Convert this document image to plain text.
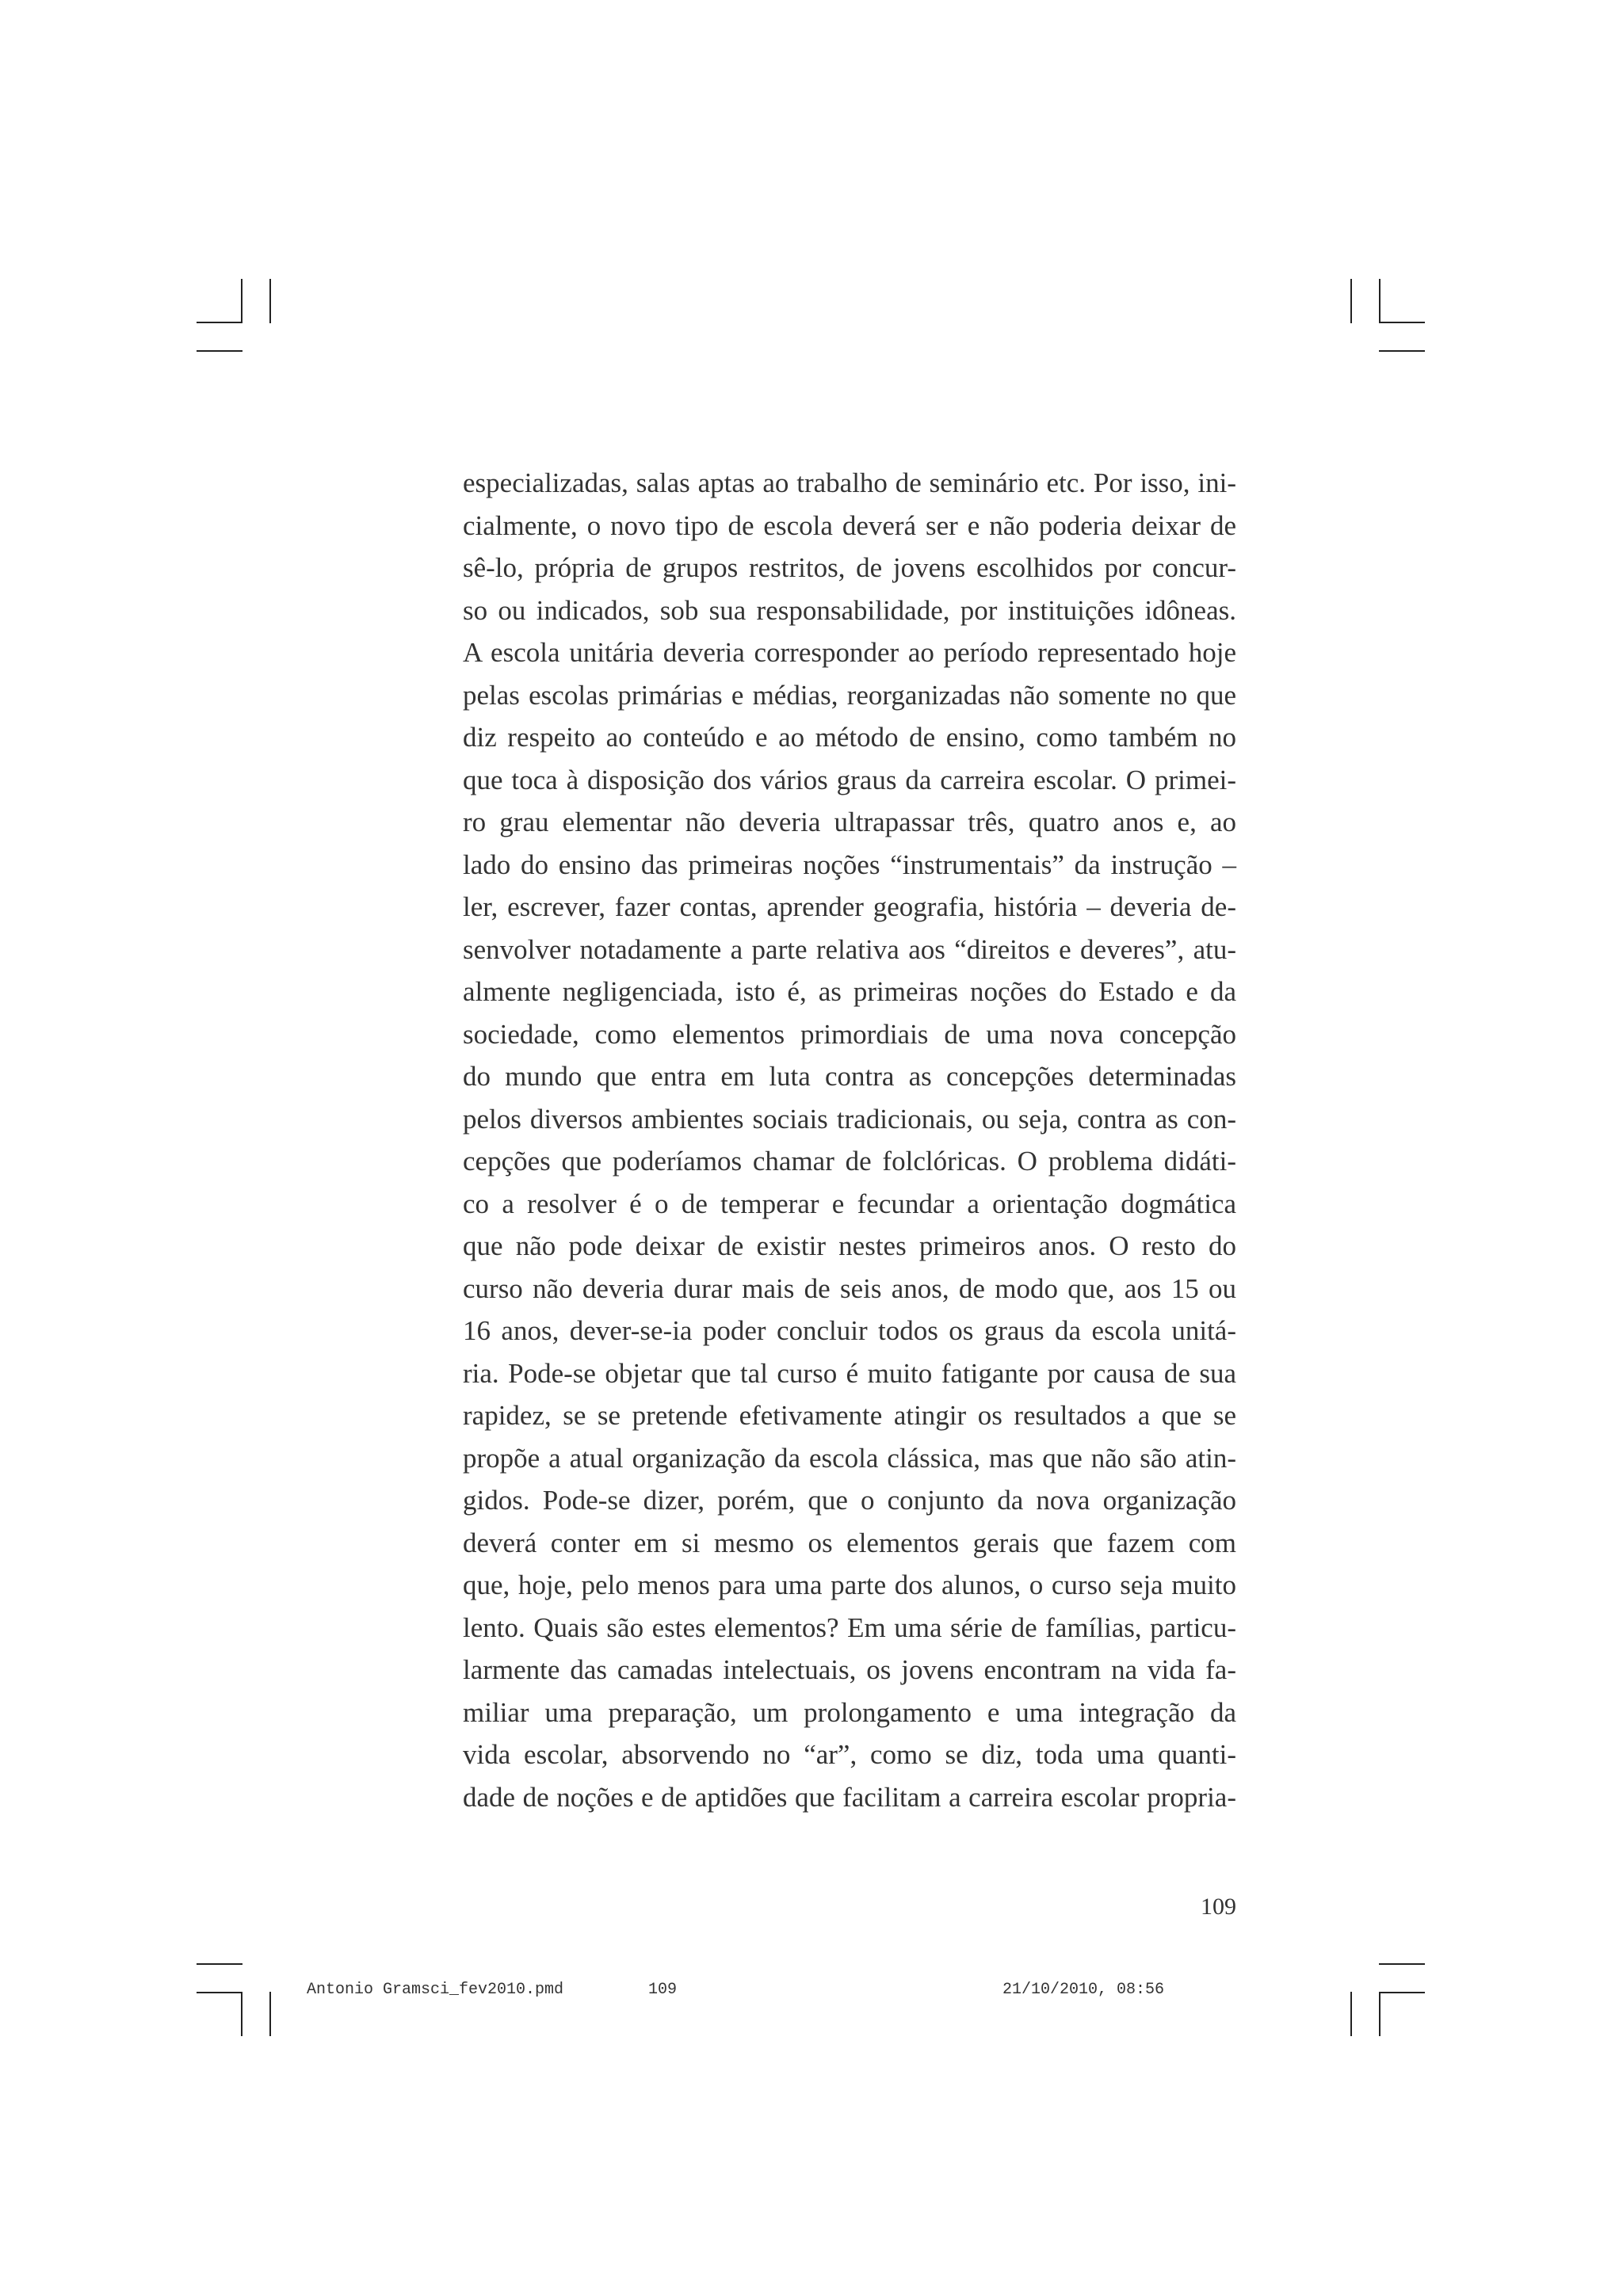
especializadas, salas aptas ao trabalho de seminário etc. Por isso, ini-
cialmente, o novo tipo de escola deverá ser e não poderia deixar de
sê-lo, própria de grupos restritos, de jovens escolhidos por concur-
so ou indicados, sob sua responsabilidade, por instituições idôneas.
A escola unitária deveria corresponder ao período representado hoje
pelas escolas primárias e médias, reorganizadas não somente no que
diz respeito ao conteúdo e ao método de ensino, como também no
que toca à disposição dos vários graus da carreira escolar. O primei-
ro grau elementar não deveria ultrapassar três, quatro anos e, ao
lado do ensino das primeiras noções “instrumentais” da instrução –
ler, escrever, fazer contas, aprender geografia, história – deveria de-
senvolver notadamente a parte relativa aos “direitos e deveres”, atu-
almente negligenciada, isto é, as primeiras noções do Estado e da
sociedade, como elementos primordiais de uma nova concepção
do mundo que entra em luta contra as concepções determinadas
pelos diversos ambientes sociais tradicionais, ou seja, contra as con-
cepções que poderíamos chamar de folclóricas. O problema didáti-
co a resolver é o de temperar e fecundar a orientação dogmática
que não pode deixar de existir nestes primeiros anos. O resto do
curso não deveria durar mais de seis anos, de modo que, aos 15 ou
16 anos, dever-se-ia poder concluir todos os graus da escola unitá-
ria. Pode-se objetar que tal curso é muito fatigante por causa de sua
rapidez, se se pretende efetivamente atingir os resultados a que se
propõe a atual organização da escola clássica, mas que não são atin-
gidos. Pode-se dizer, porém, que o conjunto da nova organização
deverá conter em si mesmo os elementos gerais que fazem com
que, hoje, pelo menos para uma parte dos alunos, o curso seja muito
lento. Quais são estes elementos? Em uma série de famílias, particu-
larmente das camadas intelectuais, os jovens encontram na vida fa-
miliar uma preparação, um prolongamento e uma integração da
vida escolar, absorvendo no “ar”, como se diz, toda uma quanti-
dade de noções e de aptidões que facilitam a carreira escolar propria-
109
Antonio Gramsci_fev2010.pmd	109	21/10/2010, 08:56
